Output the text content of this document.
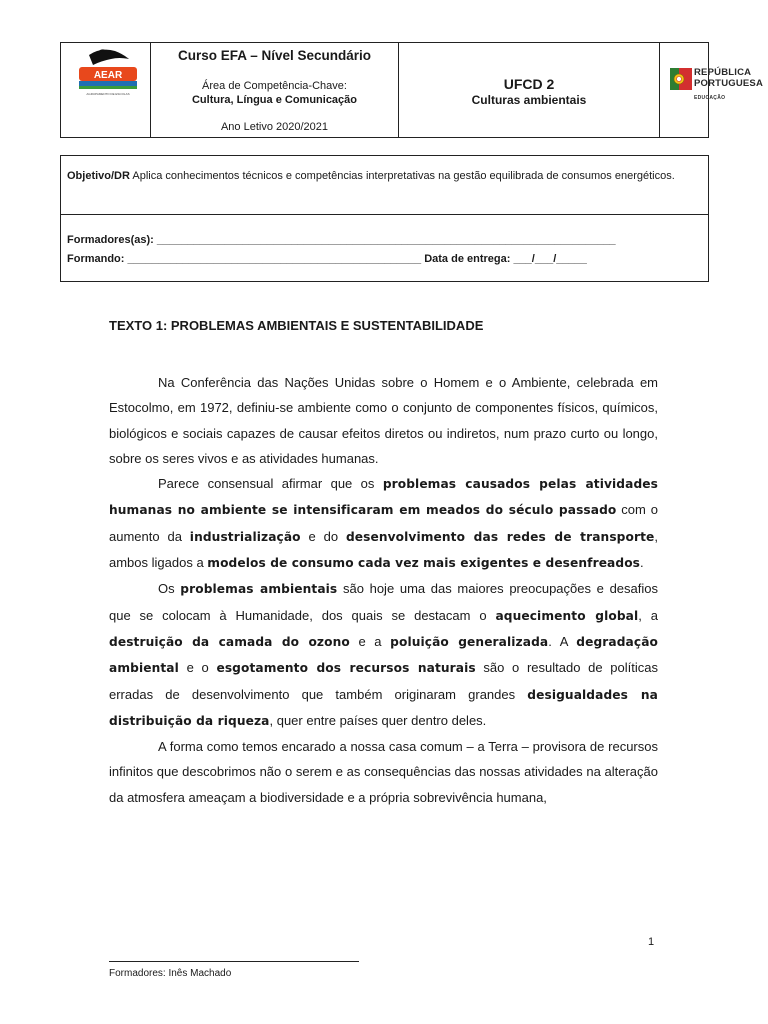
AEAR
AGRUPAMENTO DE ESCOLAS
Curso EFA – Nível Secundário
Área de Competência-Chave:
Cultura, Língua e Comunicação
Ano Letivo 2020/2021
UFCD 2
Culturas ambientais
REPÚBLICA
PORTUGUESA
EDUCAÇÃO
Objetivo/DR Aplica conhecimentos técnicos e competências interpretativas na gestão equilibrada de consumos energéticos.
Formadores(as): ___________________________________________________________________________
Formando: ________________________________________________ Data de entrega: ___/___/_____
TEXTO 1: PROBLEMAS AMBIENTAIS E SUSTENTABILIDADE

Na Conferência das Nações Unidas sobre o Homem e o Ambiente, celebrada em Estocolmo, em 1972, definiu-se ambiente como o conjunto de componentes físicos, químicos, biológicos e sociais capazes de causar efeitos diretos ou indiretos, num prazo curto ou longo, sobre os seres vivos e as atividades humanas.

Parece consensual afirmar que os problemas causados pelas atividades humanas no ambiente se intensificaram em meados do século passado com o aumento da industrialização e do desenvolvimento das redes de transporte, ambos ligados a modelos de consumo cada vez mais exigentes e desenfreados.

Os problemas ambientais são hoje uma das maiores preocupações e desafios que se colocam à Humanidade, dos quais se destacam o aquecimento global, a destruição da camada do ozono e a poluição generalizada. A degradação ambiental e o esgotamento dos recursos naturais são o resultado de políticas erradas de desenvolvimento que também originaram grandes desigualdades na distribuição da riqueza, quer entre países quer dentro deles.

A forma como temos encarado a nossa casa comum – a Terra – provisora de recursos infinitos que descobrimos não o serem e as consequências das nossas atividades na alteração da atmosfera ameaçam a biodiversidade e a própria sobrevivência humana,

1
Formadores: Inês Machado
